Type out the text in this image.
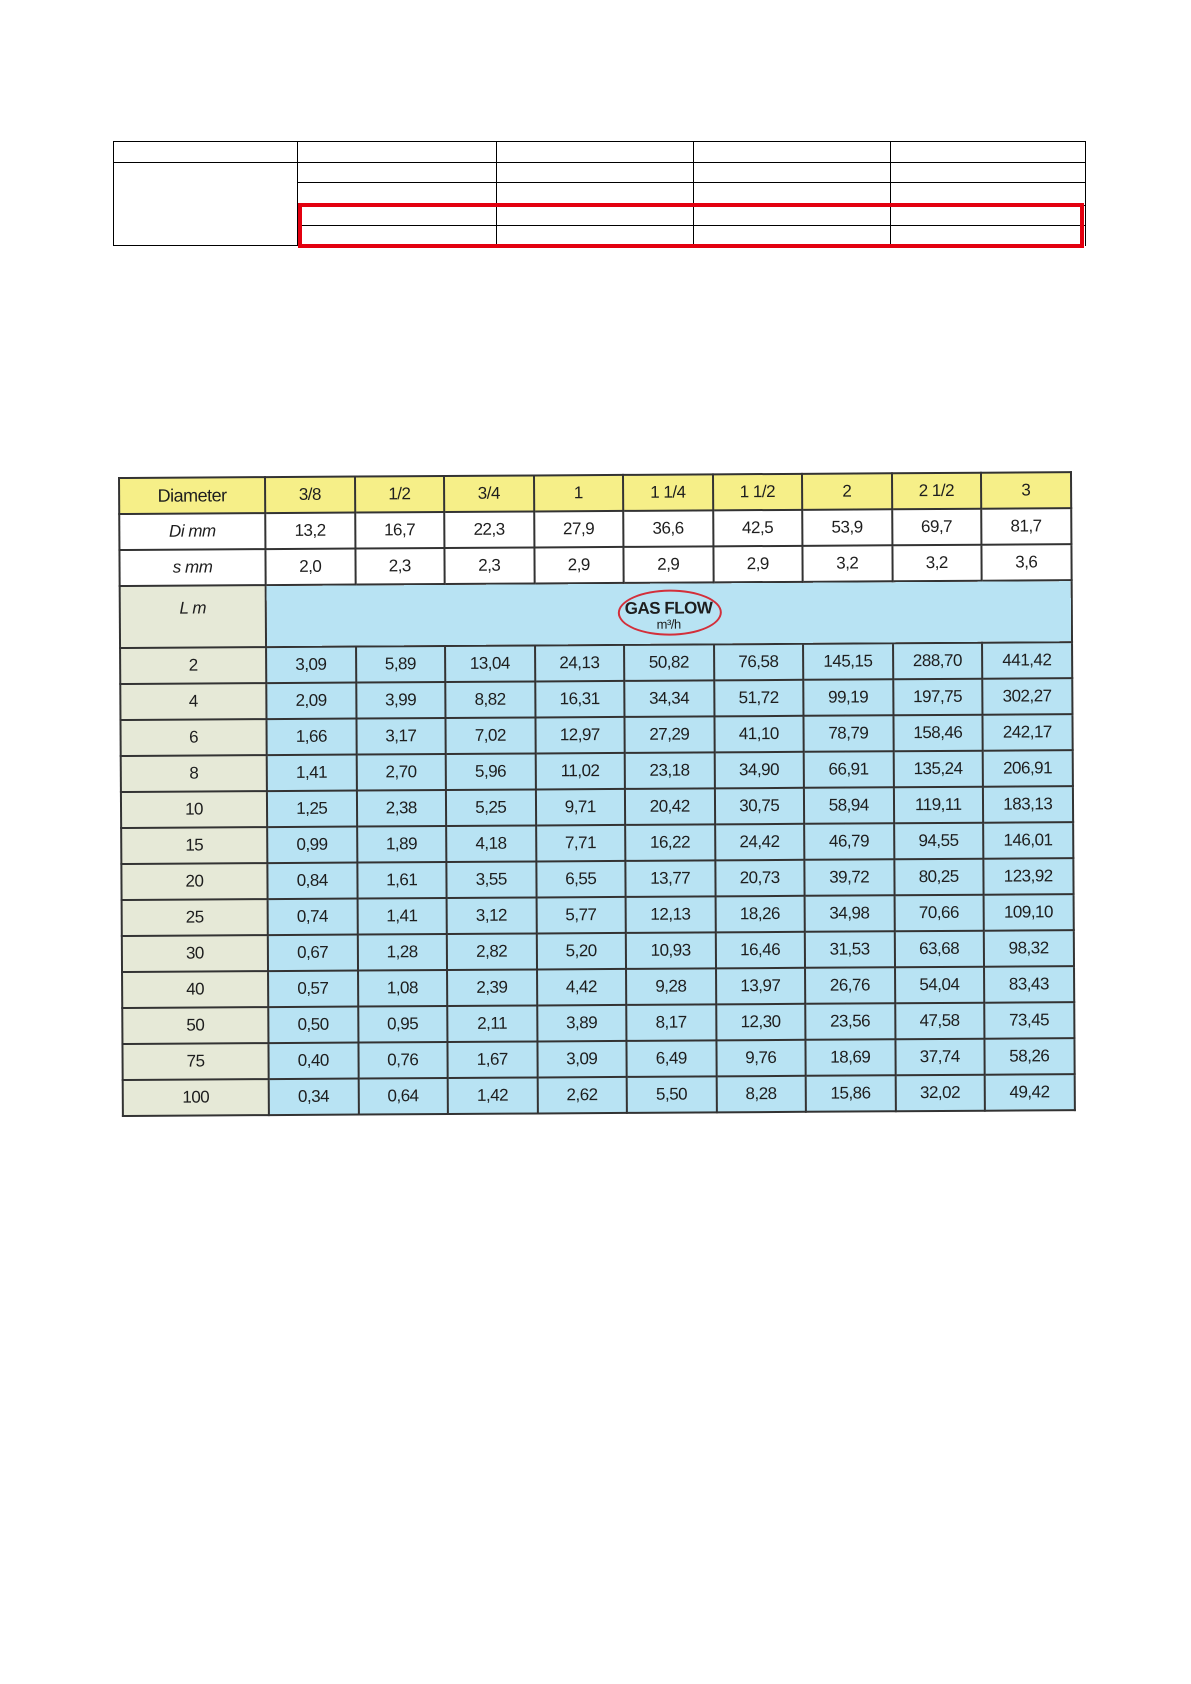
Diameter	3/8	1/2	3/4	1	1 1/4	1 1/2	2	2 1/2	3
Di mm	13,2	16,7	22,3	27,9	36,6	42,5	53,9	69,7	81,7
s mm	2,0	2,3	2,3	2,9	2,9	2,9	3,2	3,2	3,6
L m	GAS FLOW
m³/h								

2	3,09	5,89	13,04	24,13	50,82	76,58	145,15	288,70	441,42
4	2,09	3,99	8,82	16,31	34,34	51,72	99,19	197,75	302,27
6	1,66	3,17	7,02	12,97	27,29	41,10	78,79	158,46	242,17
8	1,41	2,70	5,96	11,02	23,18	34,90	66,91	135,24	206,91
10	1,25	2,38	5,25	9,71	20,42	30,75	58,94	119,11	183,13
15	0,99	1,89	4,18	7,71	16,22	24,42	46,79	94,55	146,01
20	0,84	1,61	3,55	6,55	13,77	20,73	39,72	80,25	123,92
25	0,74	1,41	3,12	5,77	12,13	18,26	34,98	70,66	109,10
30	0,67	1,28	2,82	5,20	10,93	16,46	31,53	63,68	98,32
40	0,57	1,08	2,39	4,42	9,28	13,97	26,76	54,04	83,43
50	0,50	0,95	2,11	3,89	8,17	12,30	23,56	47,58	73,45
75	0,40	0,76	1,67	3,09	6,49	9,76	18,69	37,74	58,26
100	0,34	0,64	1,42	2,62	5,50	8,28	15,86	32,02	49,42
